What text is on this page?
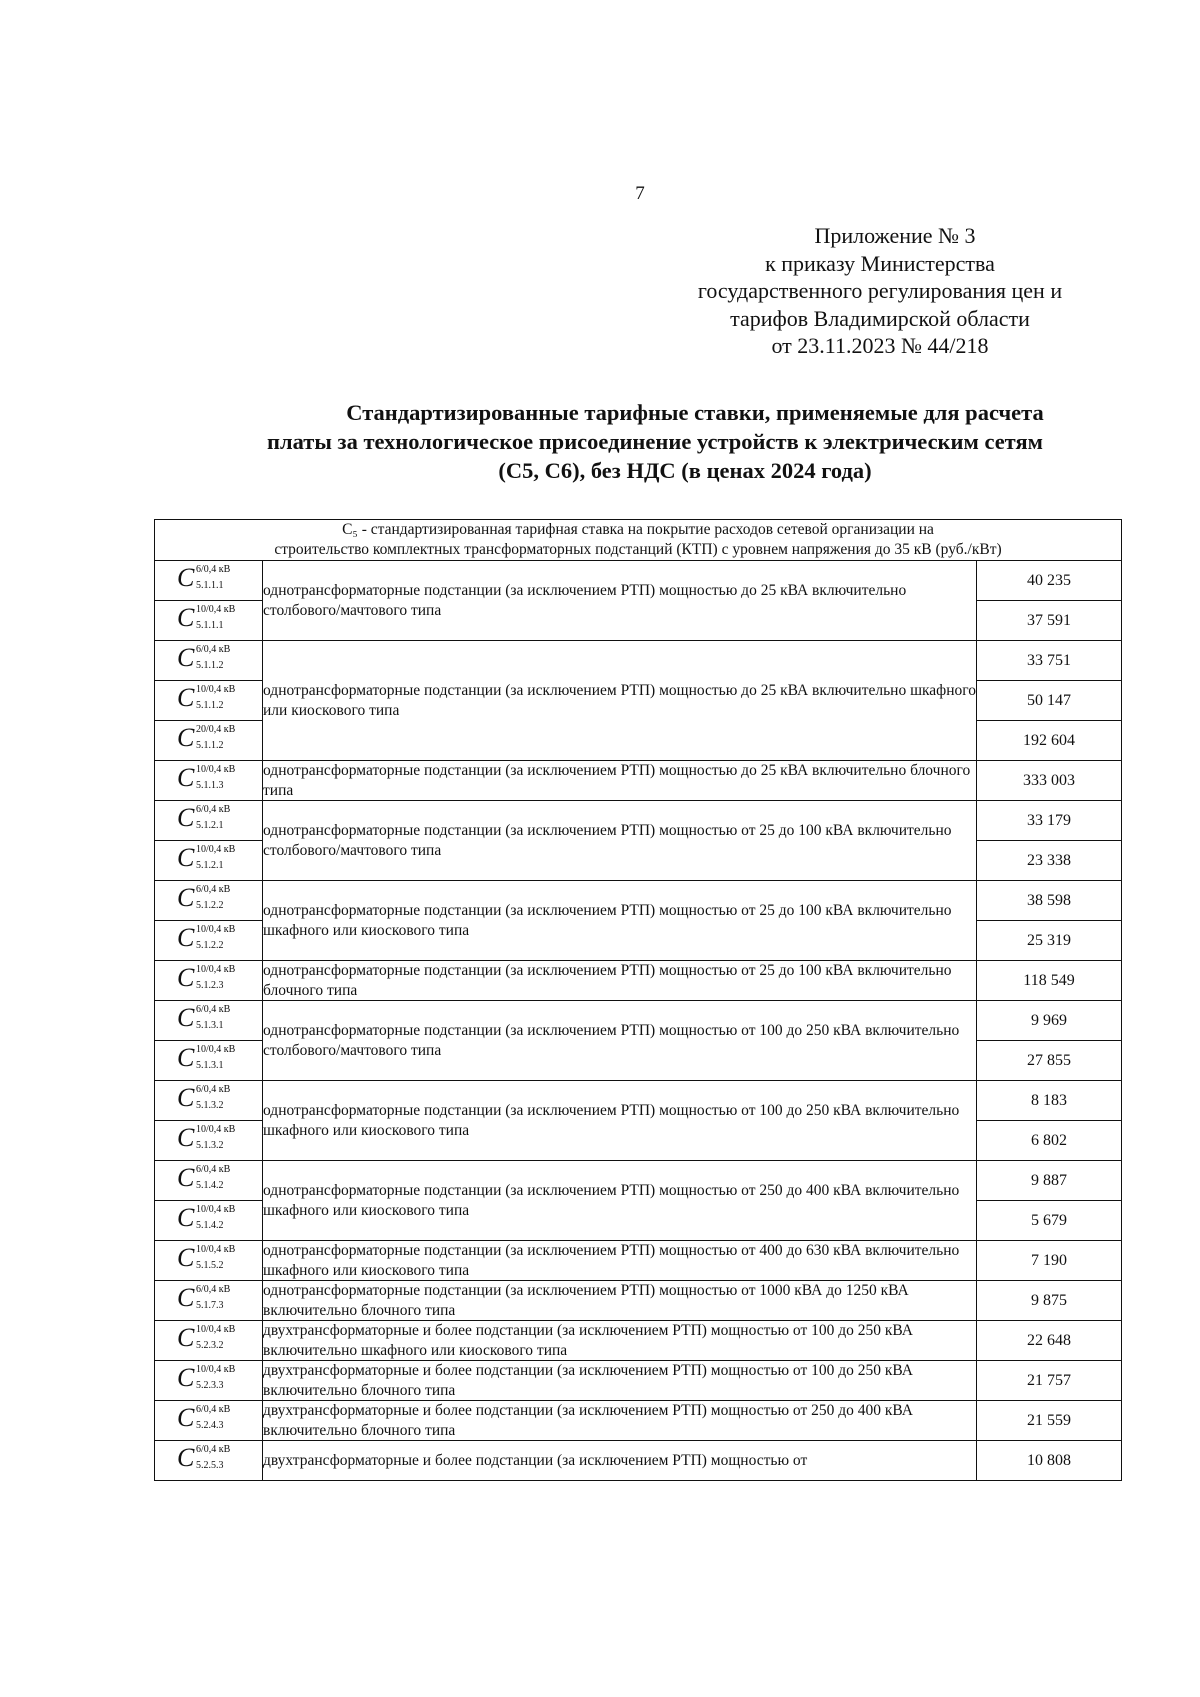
7
Приложение № 3
к приказу Министерства
государственного регулирования цен и
тарифов Владимирской области
от 23.11.2023 № 44/218
Стандартизированные тарифные ставки, применяемые для расчета
платы за технологическое присоединение устройств к электрическим сетям
(С5, С6), без НДС (в ценах 2024 года)
С₅ - стандартизированная тарифная ставка на покрытие расходов сетевой организации на
строительство комплектных трансформаторных подстанций (КТП) с уровнем напряжения до 35 кВ (руб./кВт)		

C 6/0,4 кВ
5.1.1.1	однотрансформаторные подстанции (за исключением РТП) мощностью до 25 кВА включительно столбового/мачтового типа	40 235

C 10/0,4 кВ
5.1.1.1		37 591

C 6/0,4 кВ
5.1.1.2	однотрансформаторные подстанции (за исключением РТП) мощностью до 25 кВА включительно шкафного или киоскового типа	33 751

C 10/0,4 кВ
5.1.1.2		50 147

C 20/0,4 кВ
5.1.1.2		192 604

C 10/0,4 кВ
5.1.1.3	однотрансформаторные подстанции (за исключением РТП) мощностью до 25 кВА включительно блочного типа	333 003

C 6/0,4 кВ
5.1.2.1	однотрансформаторные подстанции (за исключением РТП) мощностью от 25 до 100 кВА включительно столбового/мачтового типа	33 179

C 10/0,4 кВ
5.1.2.1		23 338

C 6/0,4 кВ
5.1.2.2	однотрансформаторные подстанции (за исключением РТП) мощностью от 25 до 100 кВА включительно шкафного или киоскового типа	38 598

C 10/0,4 кВ
5.1.2.2		25 319

C 10/0,4 кВ
5.1.2.3	однотрансформаторные подстанции (за исключением РТП) мощностью от 25 до 100 кВА включительно блочного типа	118 549

C 6/0,4 кВ
5.1.3.1	однотрансформаторные подстанции (за исключением РТП) мощностью от 100 до 250 кВА включительно столбового/мачтового типа	9 969

C 10/0,4 кВ
5.1.3.1		27 855

C 6/0,4 кВ
5.1.3.2	однотрансформаторные подстанции (за исключением РТП) мощностью от 100 до 250 кВА включительно шкафного или киоскового типа	8 183

C 10/0,4 кВ
5.1.3.2		6 802

C 6/0,4 кВ
5.1.4.2	однотрансформаторные подстанции (за исключением РТП) мощностью от 250 до 400 кВА включительно шкафного или киоскового типа	9 887

C 10/0,4 кВ
5.1.4.2		5 679

C 10/0,4 кВ
5.1.5.2	однотрансформаторные подстанции (за исключением РТП) мощностью от 400 до 630 кВА включительно шкафного или киоскового типа	7 190

C 6/0,4 кВ
5.1.7.3	однотрансформаторные подстанции (за исключением РТП) мощностью от 1000 кВА до 1250 кВА включительно блочного типа	9 875

C 10/0,4 кВ
5.2.3.2	двухтрансформаторные и более подстанции (за исключением РТП) мощностью от 100 до 250 кВА включительно шкафного или киоскового типа	22 648

C 10/0,4 кВ
5.2.3.3	двухтрансформаторные и более подстанции (за исключением РТП) мощностью от 100 до 250 кВА включительно блочного типа	21 757

C 6/0,4 кВ
5.2.4.3	двухтрансформаторные и более подстанции (за исключением РТП) мощностью от 250 до 400 кВА включительно блочного типа	21 559

C 6/0,4 кВ
5.2.5.3	двухтрансформаторные и более подстанции (за исключением РТП) мощностью от	10 808
